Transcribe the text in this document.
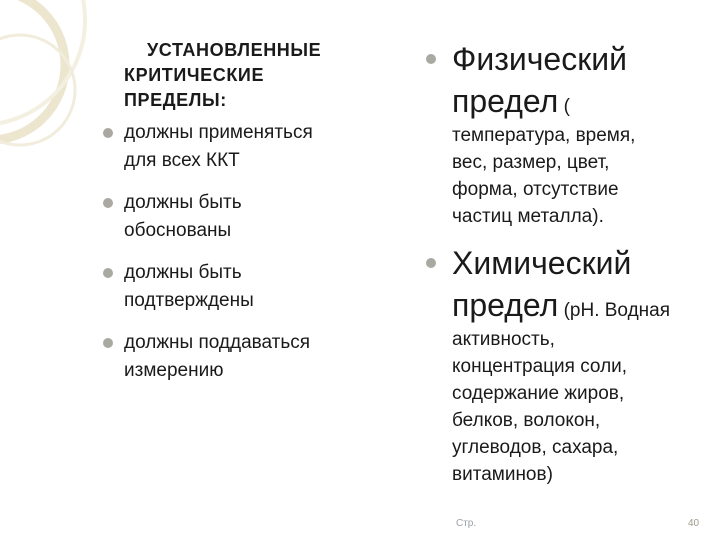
УСТАНОВЛЕННЫЕ
КРИТИЧЕСКИЕ
ПРЕДЕЛЫ:
должны применяться
для всех ККТ
должны быть
обоснованы
должны быть
подтверждены
должны поддаваться
измерению
Физический
предел (
температура, время,
вес, размер, цвет,
форма, отсутствие
частиц металла).
Химический
предел (pH. Водная
активность,
концентрация соли,
содержание жиров,
белков, волокон,
углеводов, сахара,
витаминов)
Стр.	40
